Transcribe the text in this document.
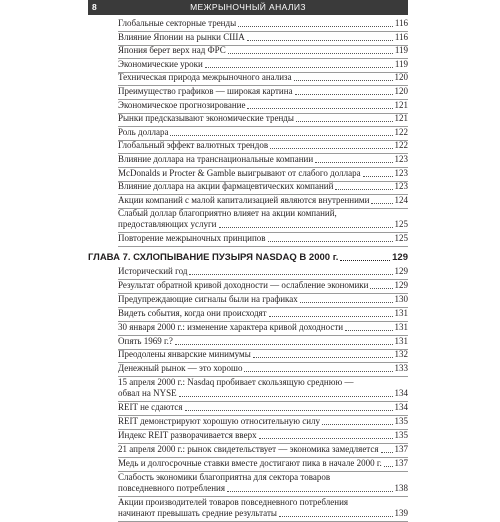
8	МЕЖРЫНОЧНЫЙ АНАЛИЗ
Глобальные секторные тренды	116
Влияние Японии на рынки США	116
Япония берет верх над ФРС	119
Экономические уроки	119
Техническая природа межрыночного анализа	120
Преимущество графиков — широкая картина	120
Экономическое прогнозирование	121
Рынки предсказывают экономические тренды	121
Роль доллара	122
Глобальный эффект валютных трендов	122
Влияние доллара на транснациональные компании	123
McDonalds и Procter & Gamble выигрывают от слабого доллара	123
Влияние доллара на акции фармацевтических компаний	123
Акции компаний с малой капитализацией являются внутренними	124
Слабый доллар благоприятно влияет на акции компаний,
предоставляющих услуги	125
Повторение межрыночных принципов	125
ГЛАВА 7. СХЛОПЫВАНИЕ ПУЗЫРЯ NASDAQ В 2000 г.	129
Исторический год	129
Результат обратной кривой доходности — ослабление экономики	129
Предупреждающие сигналы были на графиках	130
Видеть события, когда они происходят	131
30 января 2000 г.: изменение характера кривой доходности	131
Опять 1969 г.?	131
Преодолены январские минимумы	132
Денежный рынок — это хорошо	133
15 апреля 2000 г.: Nasdaq пробивает скользящую среднюю —
обвал на NYSE	134
REIT не сдаются	134
REIT демонстрируют хорошую относительную силу	135
Индекс REIT разворачивается вверх	135
21 апреля 2000 г.: рынок свидетельствует — экономика замедляется 137
Медь и долгосрочные ставки вместе достигают пика в начале 2000 г. 137
Слабость экономики благоприятна для сектора товаров
повседневного потребления	138
Акции производителей товаров повседневного потребления
начинают превышать средние результаты	139
